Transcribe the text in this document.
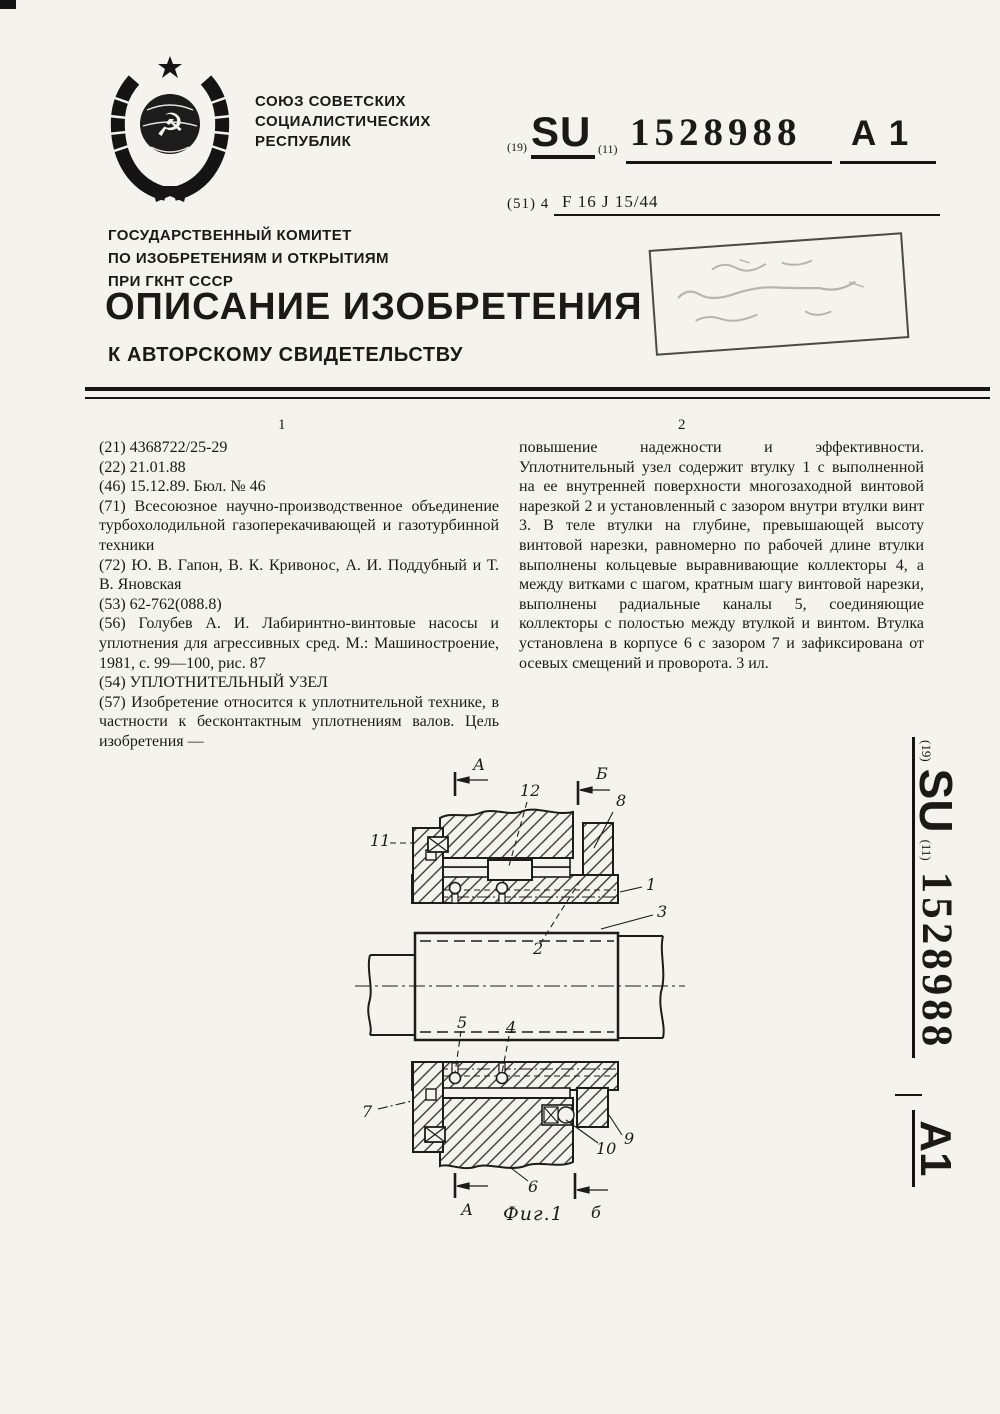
☭
СОЮЗ СОВЕТСКИХ
СОЦИАЛИСТИЧЕСКИХ
РЕСПУБЛИК	(19) SU (11) 1528988 A 1
(51) 4 F 16 J 15/44
ГОСУДАРСТВЕННЫЙ КОМИТЕТ
ПО ИЗОБРЕТЕНИЯМ И ОТКРЫТИЯМ
ПРИ ГКНТ СССР
ОПИСАНИЕ ИЗОБРЕТЕНИЯ
К АВТОРСКОМУ СВИДЕТЕЛЬСТВУ
1	2

(21) 4368722/25-29

(22) 21.01.88

(46) 15.12.89. Бюл. № 46

(71) Всесоюзное научно-производственное объединение турбохолодильной газоперекачивающей и газотурбинной техники

(72) Ю. В. Гапон, В. К. Кривонос, А. И. Поддубный и Т. В. Яновская

(53) 62-762(088.8)

(56) Голубев А. И. Лабиринтно-винтовые насосы и уплотнения для агрессивных сред. М.: Машиностроение, 1981, с. 99—100, рис. 87

(54) УПЛОТНИТЕЛЬНЫЙ УЗЕЛ

(57) Изобретение относится к уплотнительной технике, в частности к бесконтактным уплотнениям валов. Цель изобретения —

повышение надежности и эффективности. Уплотнительный узел содержит втулку 1 с выполненной на ее внутренней поверхности многозаходной винтовой нарезкой 2 и установленный с зазором внутри втулки винт 3. В теле втулки на глубине, превышающей высоту винтовой нарезки, равномерно по рабочей длине втулки выполнены кольцевые выравнивающие коллекторы 4, а между витками с шагом, кратным шагу винтовой нарезки, выполнены радиальные каналы 5, соединяющие коллекторы с полостью между втулкой и винтом. Втулка установлена в корпусе 6 с зазором 7 и зафиксирована от осевых смещений и проворота. 3 ил.

А	Б
12
8
11
1
3
2
5 4
7
10
9
6
А	б
Фиг.1
(19)
SU
(11)
1528988
A1
